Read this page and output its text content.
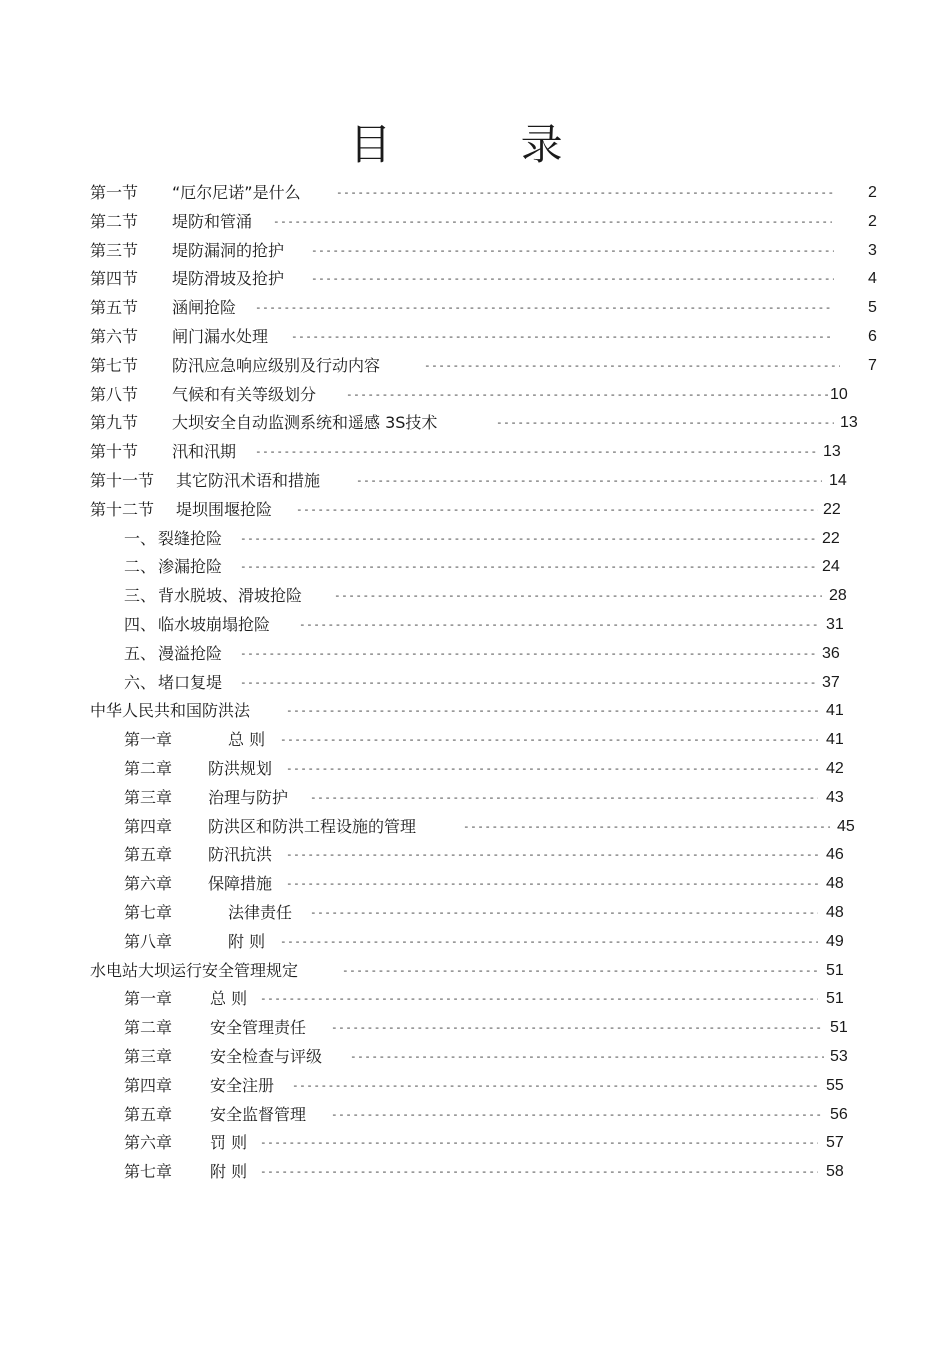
目 录
第一节 “厄尔尼诺”是什么 -----	2
第二节 堤防和管涌 -----	2
第三节 堤防漏洞的抢护 -----	3
第四节 堤防滑坡及抢护 -----	4
第五节 涵闸抢险 -----	5
第六节 闸门漏水处理 -----	6
第七节 防汛应急响应级别及行动内容 -----	7
第八节 气候和有关等级划分 -----	10
第九节 大坝安全自动监测系统和遥感 3S技术 -----	13
第十节 汛和汛期 -----	13
第十一节 其它防汛术语和措施 -----	14
第十二节 堤坝围堰抢险 -----	22
一、 裂缝抢险 -----	22
二、 渗漏抢险 -----	24
三、 背水脱坡、滑坡抢险 -----	28
四、 临水坡崩塌抢险 -----	31
五、 漫溢抢险 -----	36
六、 堵口复堤 -----	37
中华人民共和国防洪法 -----	41
第一章	总 则 -----	41
第二章 防洪规划 -----	42
第三章 治理与防护 -----	43
第四章 防洪区和防洪工程设施的管理 -----	45
第五章 防汛抗洪 -----	46
第六章 保障措施 -----	48
第七章	法律责任 -----	48
第八章	附 则 -----	49
水电站大坝运行安全管理规定 -----	51
第一章 总 则 -----	51
第二章 安全管理责任 -----	51
第三章 安全检查与评级 -----	53
第四章 安全注册 -----	55
第五章 安全监督管理 -----	56
第六章 罚 则 -----	57
第七章 附 则 -----	58
